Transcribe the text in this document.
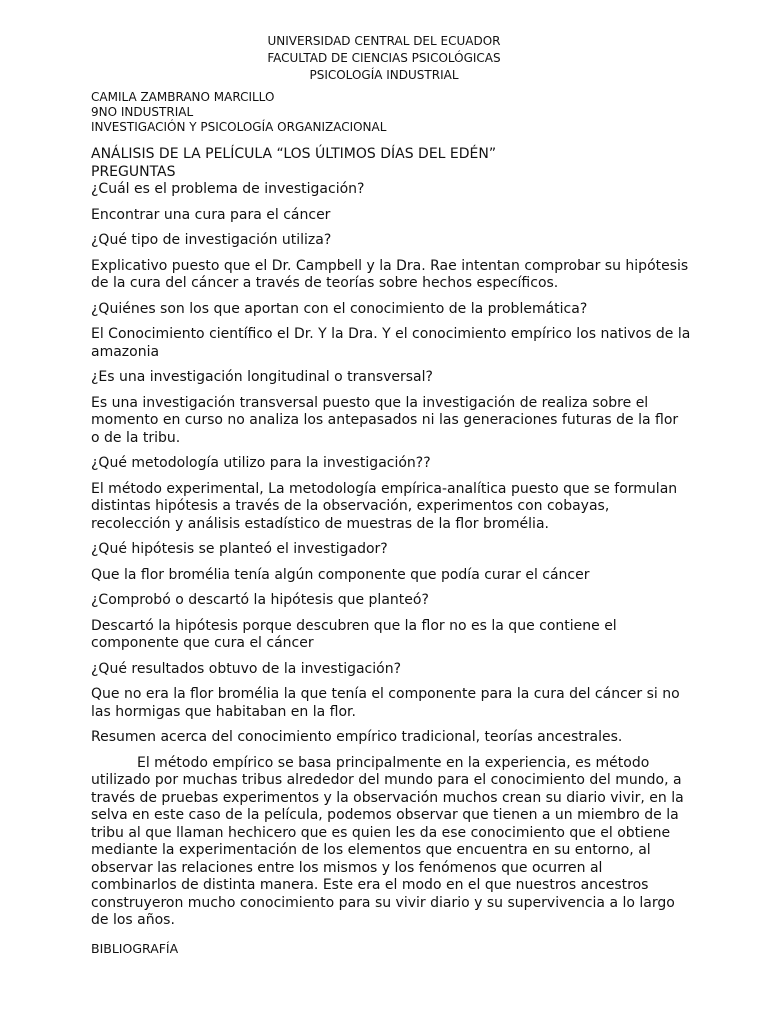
UNIVERSIDAD CENTRAL DEL ECUADOR
FACULTAD DE CIENCIAS PSICOLÓGICAS
PSICOLOGÍA INDUSTRIAL
CAMILA ZAMBRANO MARCILLO
9NO INDUSTRIAL
INVESTIGACIÓN Y PSICOLOGÍA ORGANIZACIONAL

ANÁLISIS DE LA PELÍCULA “LOS ÚLTIMOS DÍAS DEL EDÉN”

PREGUNTAS

¿Cuál es el problema de investigación?

Encontrar una cura para el cáncer

¿Qué tipo de investigación utiliza?

Explicativo puesto que el Dr. Campbell y la Dra. Rae intentan comprobar su hipótesis de la cura del cáncer a través de teorías sobre hechos específicos.

¿Quiénes son los que aportan con el conocimiento de la problemática?

El Conocimiento científico el Dr. Y la Dra. Y el conocimiento empírico los nativos de la amazonia

¿Es una investigación longitudinal o transversal?

Es una investigación transversal puesto que la investigación de realiza sobre el momento en curso no analiza los antepasados ni las generaciones futuras de la flor o de la tribu.

¿Qué metodología utilizo para la investigación??

El método experimental, La metodología empírica-analítica puesto que se formulan distintas hipótesis a través de la observación, experimentos con cobayas, recolección y análisis estadístico de muestras de la flor bromélia.

¿Qué hipótesis se planteó el investigador?

Que la flor bromélia tenía algún componente que podía curar el cáncer

¿Comprobó o descartó la hipótesis que planteó?

Descartó la hipótesis porque descubren que la flor no es la que contiene el componente que cura el cáncer

¿Qué resultados obtuvo de la investigación?

Que no era la flor bromélia la que tenía el componente para la cura del cáncer si no las hormigas que habitaban en la flor.

Resumen acerca del conocimiento empírico tradicional, teorías ancestrales.

El método empírico se basa principalmente en la experiencia, es método utilizado por muchas tribus alrededor del mundo para el conocimiento del mundo, a través de pruebas experimentos y la observación muchos crean su diario vivir, en la selva en este caso de la película, podemos observar que tienen a un miembro de la tribu al que llaman hechicero que es quien les da ese conocimiento que el obtiene mediante la experimentación de los elementos que encuentra en su entorno, al observar las relaciones entre los mismos y los fenómenos que ocurren al combinarlos de distinta manera. Este era el modo en el que nuestros ancestros construyeron mucho conocimiento para su vivir diario y su supervivencia a lo largo de los años.

BIBLIOGRAFÍA
